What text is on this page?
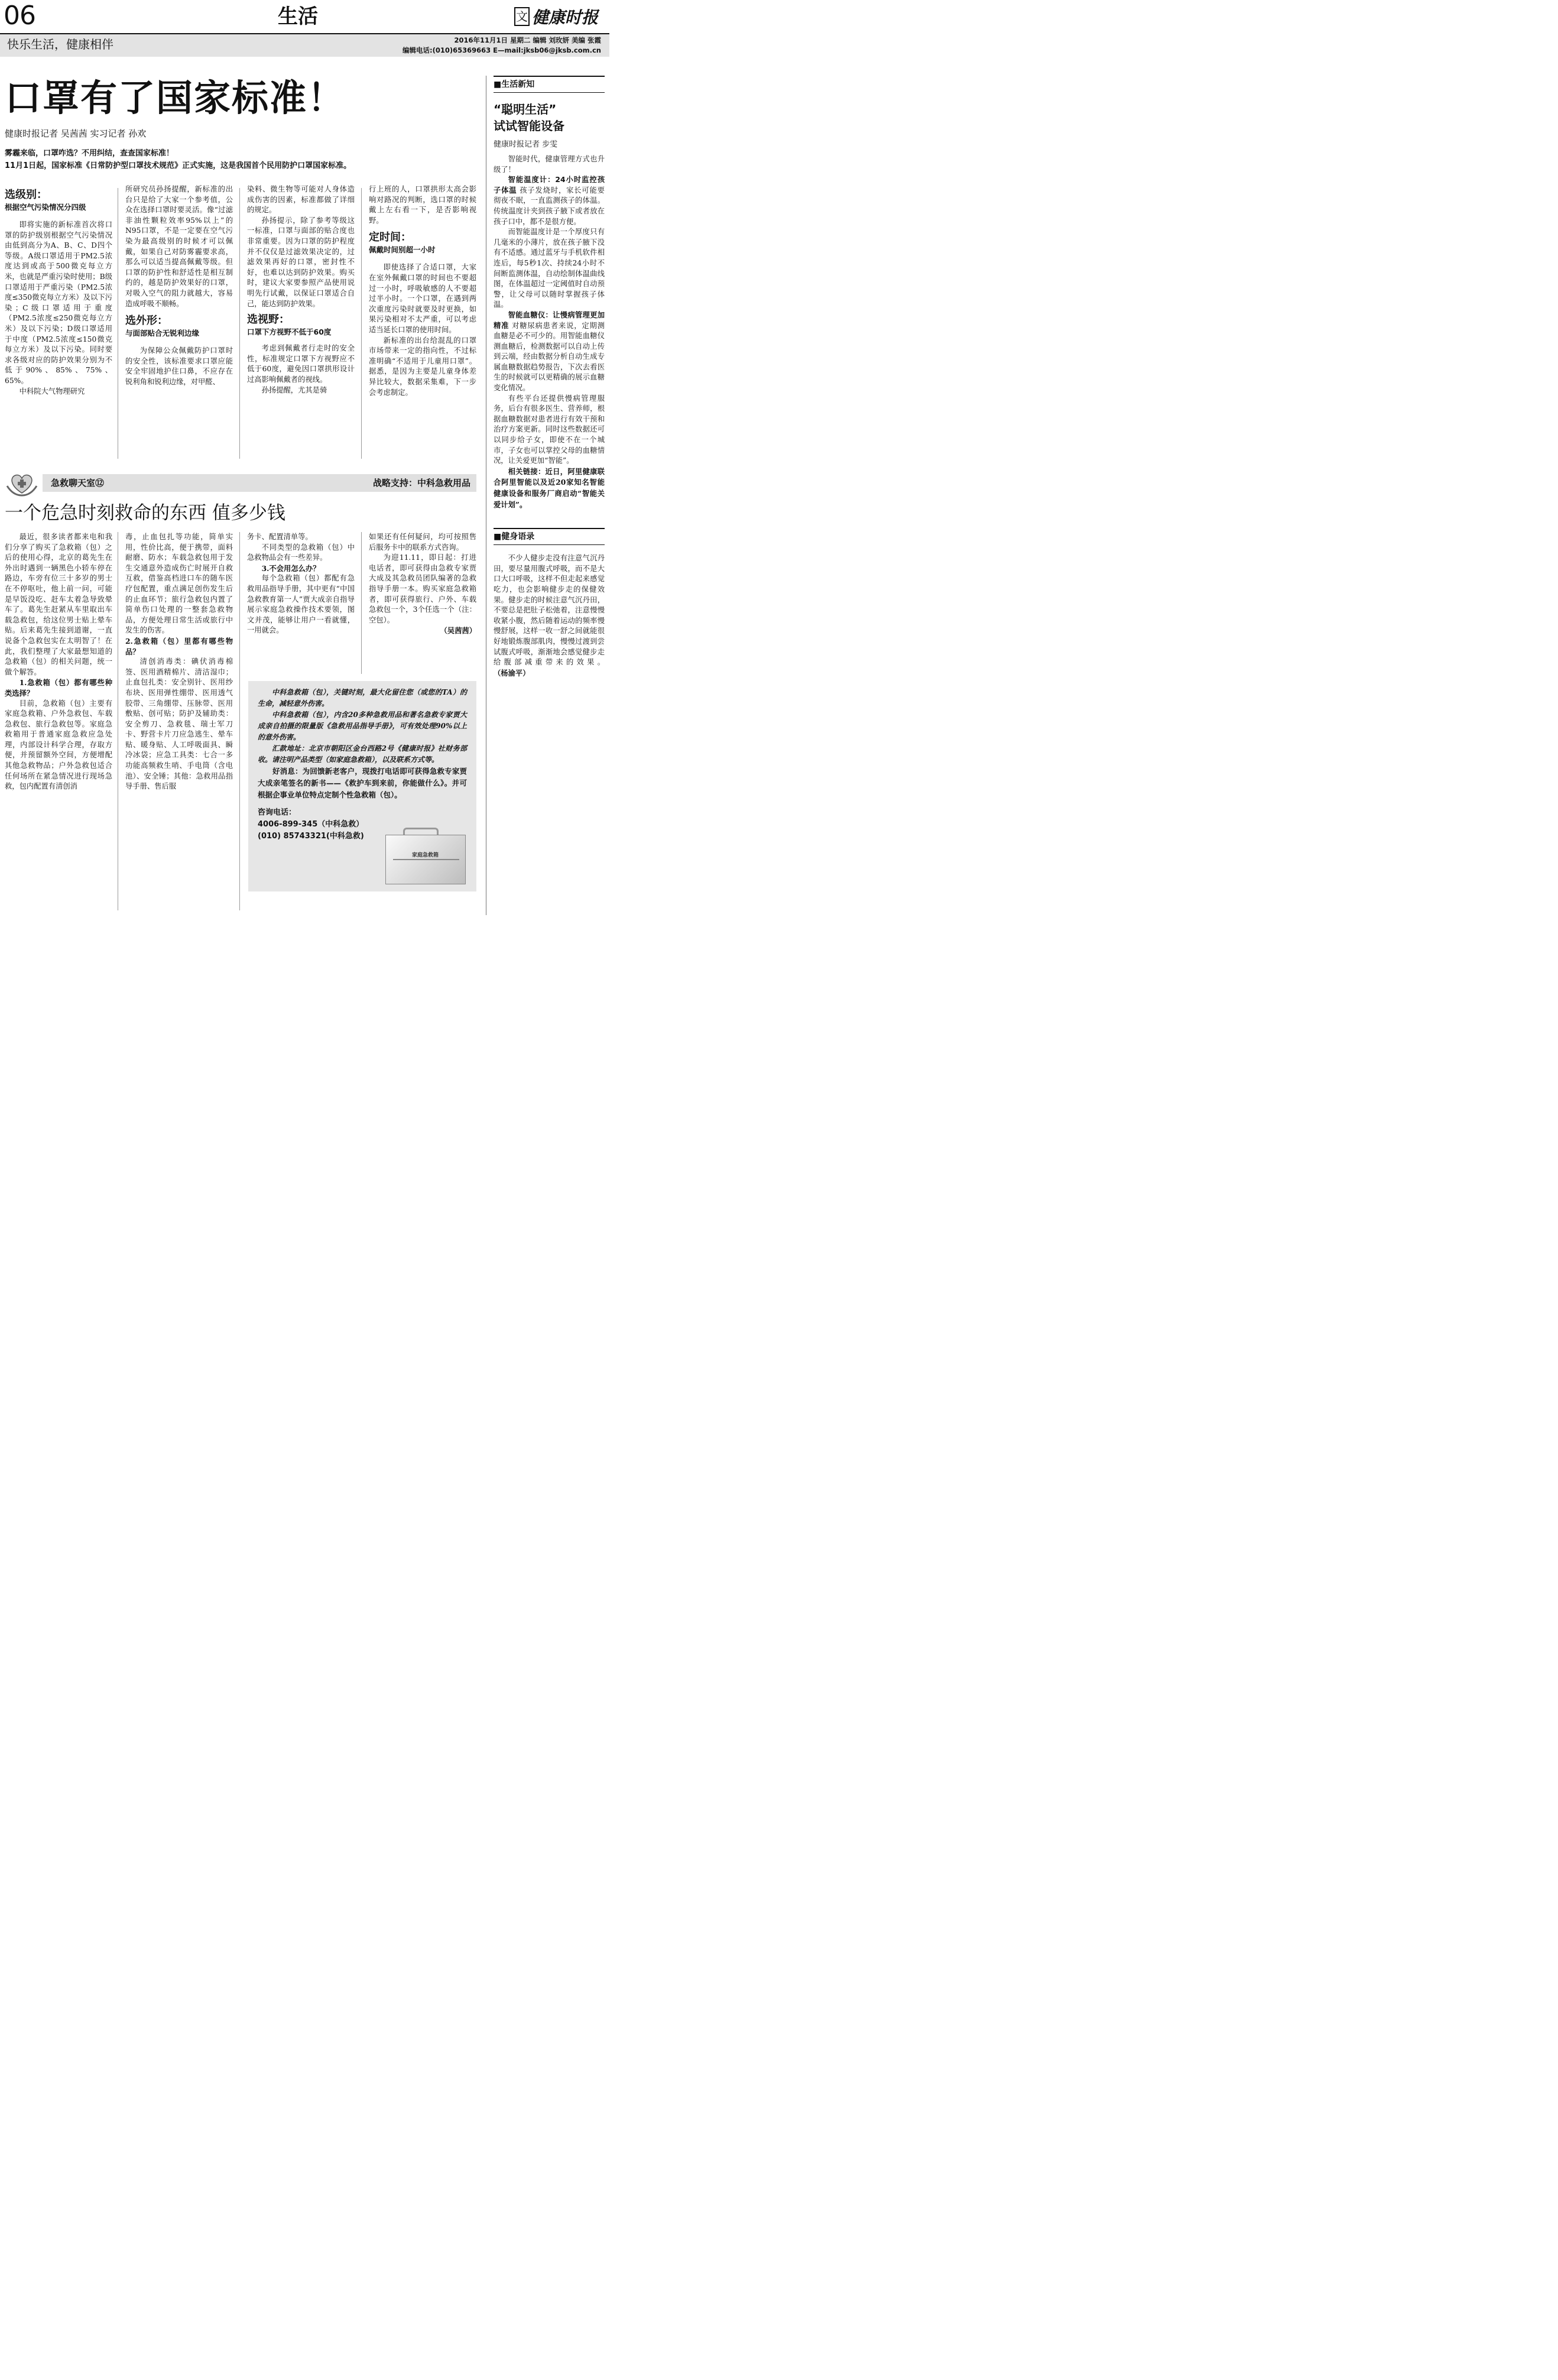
06	生活	文 健康时报
快乐生活，健康相伴	2016年11月1日 星期二 编辑 刘玫妍 美编 张霞
编辑电话:(010)65369663 E—mail:jksb06@jksb.com.cn
口罩有了国家标准！
健康时报记者 吴茜茜 实习记者 孙欢
雾霾来临，口罩咋选？不用纠结，查查国家标准！
11月1日起，国家标准《日常防护型口罩技术规范》正式实施，这是我国首个民用防护口罩国家标准。
选级别：
根据空气污染情况分四级
即将实施的新标准首次将口罩的防护级别根据空气污染情况由低到高分为A、B、C、D四个等级。A级口罩适用于PM2.5浓度达到或高于500微克每立方米，也就是严重污染时使用；B级口罩适用于严重污染（PM2.5浓度≤350微克每立方米）及以下污染；C级口罩适用于重度（PM2.5浓度≤250微克每立方米）及以下污染；D级口罩适用于中度（PM2.5浓度≤150微克每立方米）及以下污染。同时要求各级对应的防护效果分别为不低于90%、85%、75%、65%。
中科院大气物理研究
所研究员孙扬提醒，新标准的出台只是给了大家一个参考值，公众在选择口罩时要灵活。像“过滤非油性颗粒效率95%以上”的N95口罩，不是一定要在空气污染为最高级别的时候才可以佩戴，如果自己对防雾霾要求高，那么可以适当提高佩戴等级。但口罩的防护性和舒适性是相互制约的，越是防护效果好的口罩，对吸入空气的阻力就越大，容易造成呼吸不顺畅。
选外形：
与面部贴合无锐利边缘
为保障公众佩戴防护口罩时的安全性，该标准要求口罩应能安全牢固地护住口鼻，不应存在锐利角和锐利边缘，对甲醛、
染料、微生物等可能对人身体造成伤害的因素，标准都做了详细的规定。
孙扬提示，除了参考等级这一标准，口罩与面部的贴合度也非常重要。因为口罩的防护程度并不仅仅是过滤效果决定的，过滤效果再好的口罩，密封性不好，也难以达到防护效果。购买时，建议大家要参照产品使用说明先行试戴，以保证口罩适合自己，能达到防护效果。
选视野：
口罩下方视野不低于60度
考虑到佩戴者行走时的安全性，标准规定口罩下方视野应不低于60度，避免因口罩拱形设计过高影响佩戴者的视线。
孙扬提醒，尤其是骑
行上班的人，口罩拱形太高会影响对路况的判断，选口罩的时候戴上左右看一下，是否影响视野。
定时间：
佩戴时间别超一小时
即使选择了合适口罩，大家在室外佩戴口罩的时间也不要超过一小时，呼吸敏感的人不要超过半小时。一个口罩，在遇到两次重度污染时就要及时更换，如果污染相对不太严重，可以考虑适当延长口罩的使用时间。
新标准的出台给混乱的口罩市场带来一定的指向性，不过标准明确“不适用于儿童用口罩”。据悉，是因为主要是儿童身体差异比较大，数据采集难，下一步会考虑制定。
■生活新知
“聪明生活”
试试智能设备
健康时报记者 步雯
智能时代，健康管理方式也升级了！
智能温度计：24小时监控孩子体温 孩子发烧时，家长可能要彻夜不眠，一直监测孩子的体温。传统温度计夹到孩子腋下或者放在孩子口中，都不是很方便。
而智能温度计是一个厚度只有几毫米的小薄片，放在孩子腋下没有不适感。通过蓝牙与手机软件相连后，每5秒1次、持续24小时不间断监测体温，自动绘制体温曲线图，在体温超过一定阈值时自动预警，让父母可以随时掌握孩子体温。
智能血糖仪：让慢病管理更加精准 对糖尿病患者来说，定期测血糖是必不可少的。用智能血糖仪测血糖后，检测数据可以自动上传到云端，经由数据分析自动生成专属血糖数据趋势报告，下次去看医生的时候就可以更精确的展示血糖变化情况。
有些平台还提供慢病管理服务，后台有很多医生、营养师，根据血糖数据对患者进行有效干预和治疗方案更新。同时这些数据还可以同步给子女，即使不在一个城市，子女也可以掌控父母的血糖情况，让关爱更加“智能”。
相关链接：近日，阿里健康联合阿里智能以及近20家知名智能健康设备和服务厂商启动“智能关爱计划”。
■健身语录
不少人健步走没有注意气沉丹田，要尽量用腹式呼吸，而不是大口大口呼吸，这样不但走起来感觉吃力，也会影响健步走的保健效果。健步走的时候注意气沉丹田，不要总是把肚子松弛着，注意慢慢收紧小腹，然后随着运动的频率慢慢舒展，这样一收一舒之间就能很好地锻炼腹部肌肉，慢慢过渡到尝试腹式呼吸，渐渐地会感觉健步走给腹部减重带来的效果。（杨渝平）
急救聊天室⑫	战略支持：中科急救用品
一个危急时刻救命的东西 值多少钱
最近，很多读者都来电和我们分享了购买了急救箱（包）之后的使用心得，北京的葛先生在外出时遇到一辆黑色小轿车停在路边，车旁有位三十多岁的男士在不停呕吐，他上前一问，可能是早饭没吃、赶车太着急导致晕车了。葛先生赶紧从车里取出车载急救包，给这位男士贴上晕车贴。后来葛先生接到道谢，一直说备个急救包实在太明智了！在此，我们整理了大家最想知道的急救箱（包）的相关问题，统一做个解答。
1.急救箱（包）都有哪些种类选择？
目前，急救箱（包）主要有家庭急救箱、户外急救包、车载急救包、旅行急救包等。家庭急救箱用于普通家庭急救应急处理，内部设计科学合理，存取方便，并预留额外空间，方便增配其他急救物品；户外急救包适合任何场所在紧急情况进行现场急救，包内配置有清创消
毒，止血包扎等功能，简单实用，性价比高，便于携带，面料耐磨、防水；车载急救包用于发生交通意外造成伤亡时展开自救互救，借鉴高档进口车的随车医疗包配置，重点满足创伤发生后的止血环节；旅行急救包内置了简单伤口处理的一整套急救物品，方便处理日常生活或旅行中发生的伤害。
2.急救箱（包）里都有哪些物品？
清创消毒类：碘伏消毒棉签、医用酒精棉片、清洁湿巾；止血包扎类：安全别针、医用纱布块、医用弹性绷带、医用透气胶带、三角绷带、压脉带、医用敷贴、创可贴；防护及辅助类：安全剪刀、急救毯、瑞士军刀卡、野营卡片刀应急逃生、晕车贴、暖身贴、人工呼吸面具、瞬冷冰袋；应急工具类：七合一多功能高频救生哨、手电筒（含电池）、安全锤；其他：急救用品指导手册、售后服
务卡、配置清单等。
不同类型的急救箱（包）中急救物品会有一些差异。
3.不会用怎么办？
每个急救箱（包）都配有急救用品指导手册，其中更有“中国急救教育第一人”贾大成亲自指导展示家庭急救操作技术要领，图文并茂，能够让用户一看就懂，一用就会。
如果还有任何疑问，均可按照售后服务卡中的联系方式咨询。
为迎11.11，即日起：打进电话者，即可获得由急救专家贾大成及其急救员团队编著的急救指导手册一本。购买家庭急救箱者，即可获得旅行、户外、车载急救包一个，3个任选一个（注：空包）。
（吴茜茜）
中科急救箱（包），关键时刻，最大化留住您（或您的TA）的生命，减轻意外伤害。
中科急救箱（包），内含20多种急救用品和著名急救专家贾大成亲自拍摄的限量版《急救用品指导手册》，可有效处理90%以上的意外伤害。
汇款地址：北京市朝阳区金台西路2号《健康时报》社财务部收。请注明产品类型（如家庭急救箱），以及联系方式等。
好消息：为回馈新老客户，现拨打电话即可获得急救专家贾大成亲笔签名的新书——《救护车到来前，你能做什么》。并可根据企事业单位特点定制个性急救箱（包）。
咨询电话：
4006-899-345（中科急救）
(010) 85743321(中科急救)
家庭急救箱
